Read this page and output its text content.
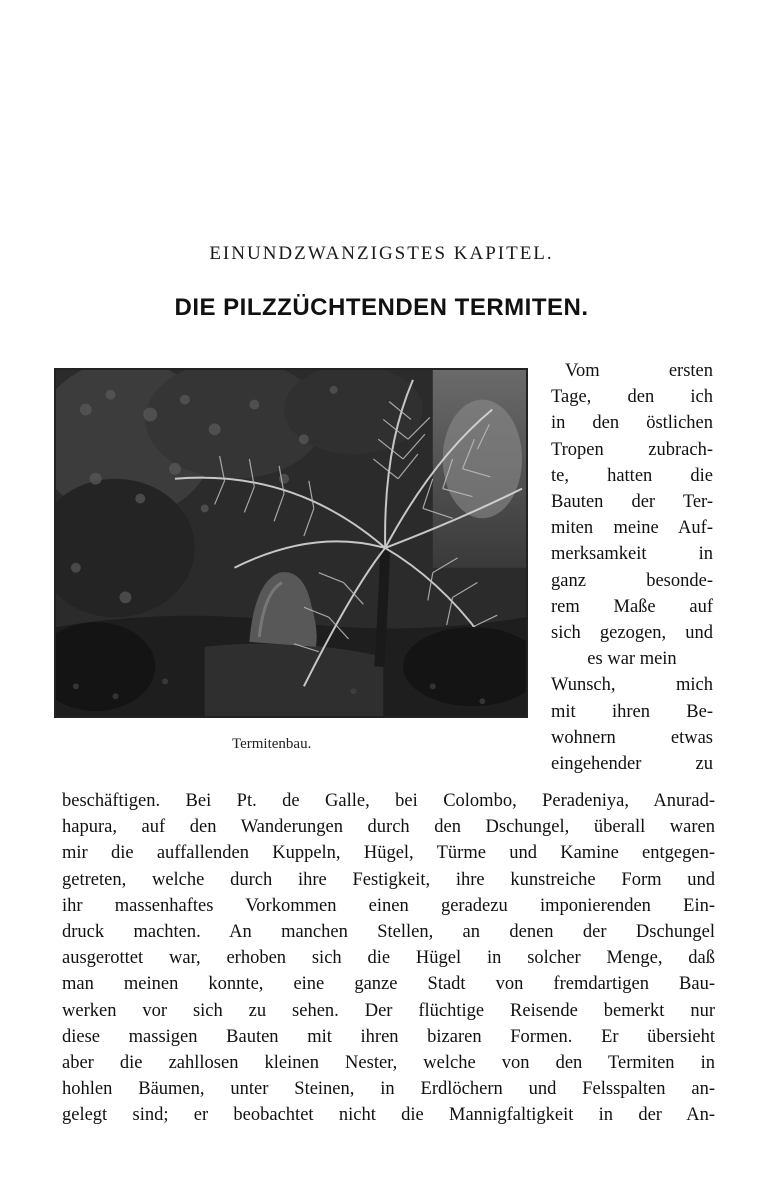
EINUNDZWANZIGSTES KAPITEL.
DIE PILZZÜCHTENDEN TERMITEN.
Termitenbau.
Vom ersten
Tage, den ich
in den östlichen
Tropen zubrach-
te, hatten die
Bauten der Ter-
miten meine Auf-
merksamkeit in
ganz besonde-
rem Maße auf
sich gezogen, und
es war mein
Wunsch, mich
mit ihren Be-
wohnern etwas
eingehender zu
beschäftigen. Bei Pt. de Galle, bei Colombo, Peradeniya, Anurad-
hapura, auf den Wanderungen durch den Dschungel, überall waren
mir die auffallenden Kuppeln, Hügel, Türme und Kamine entgegen-
getreten, welche durch ihre Festigkeit, ihre kunstreiche Form und
ihr massenhaftes Vorkommen einen geradezu imponierenden Ein-
druck machten. An manchen Stellen, an denen der Dschungel
ausgerottet war, erhoben sich die Hügel in solcher Menge, daß
man meinen konnte, eine ganze Stadt von fremdartigen Bau-
werken vor sich zu sehen. Der flüchtige Reisende bemerkt nur
diese massigen Bauten mit ihren bizaren Formen. Er übersieht
aber die zahllosen kleinen Nester, welche von den Termiten in
hohlen Bäumen, unter Steinen, in Erdlöchern und Felsspalten an-
gelegt sind; er beobachtet nicht die Mannigfaltigkeit in der An-
